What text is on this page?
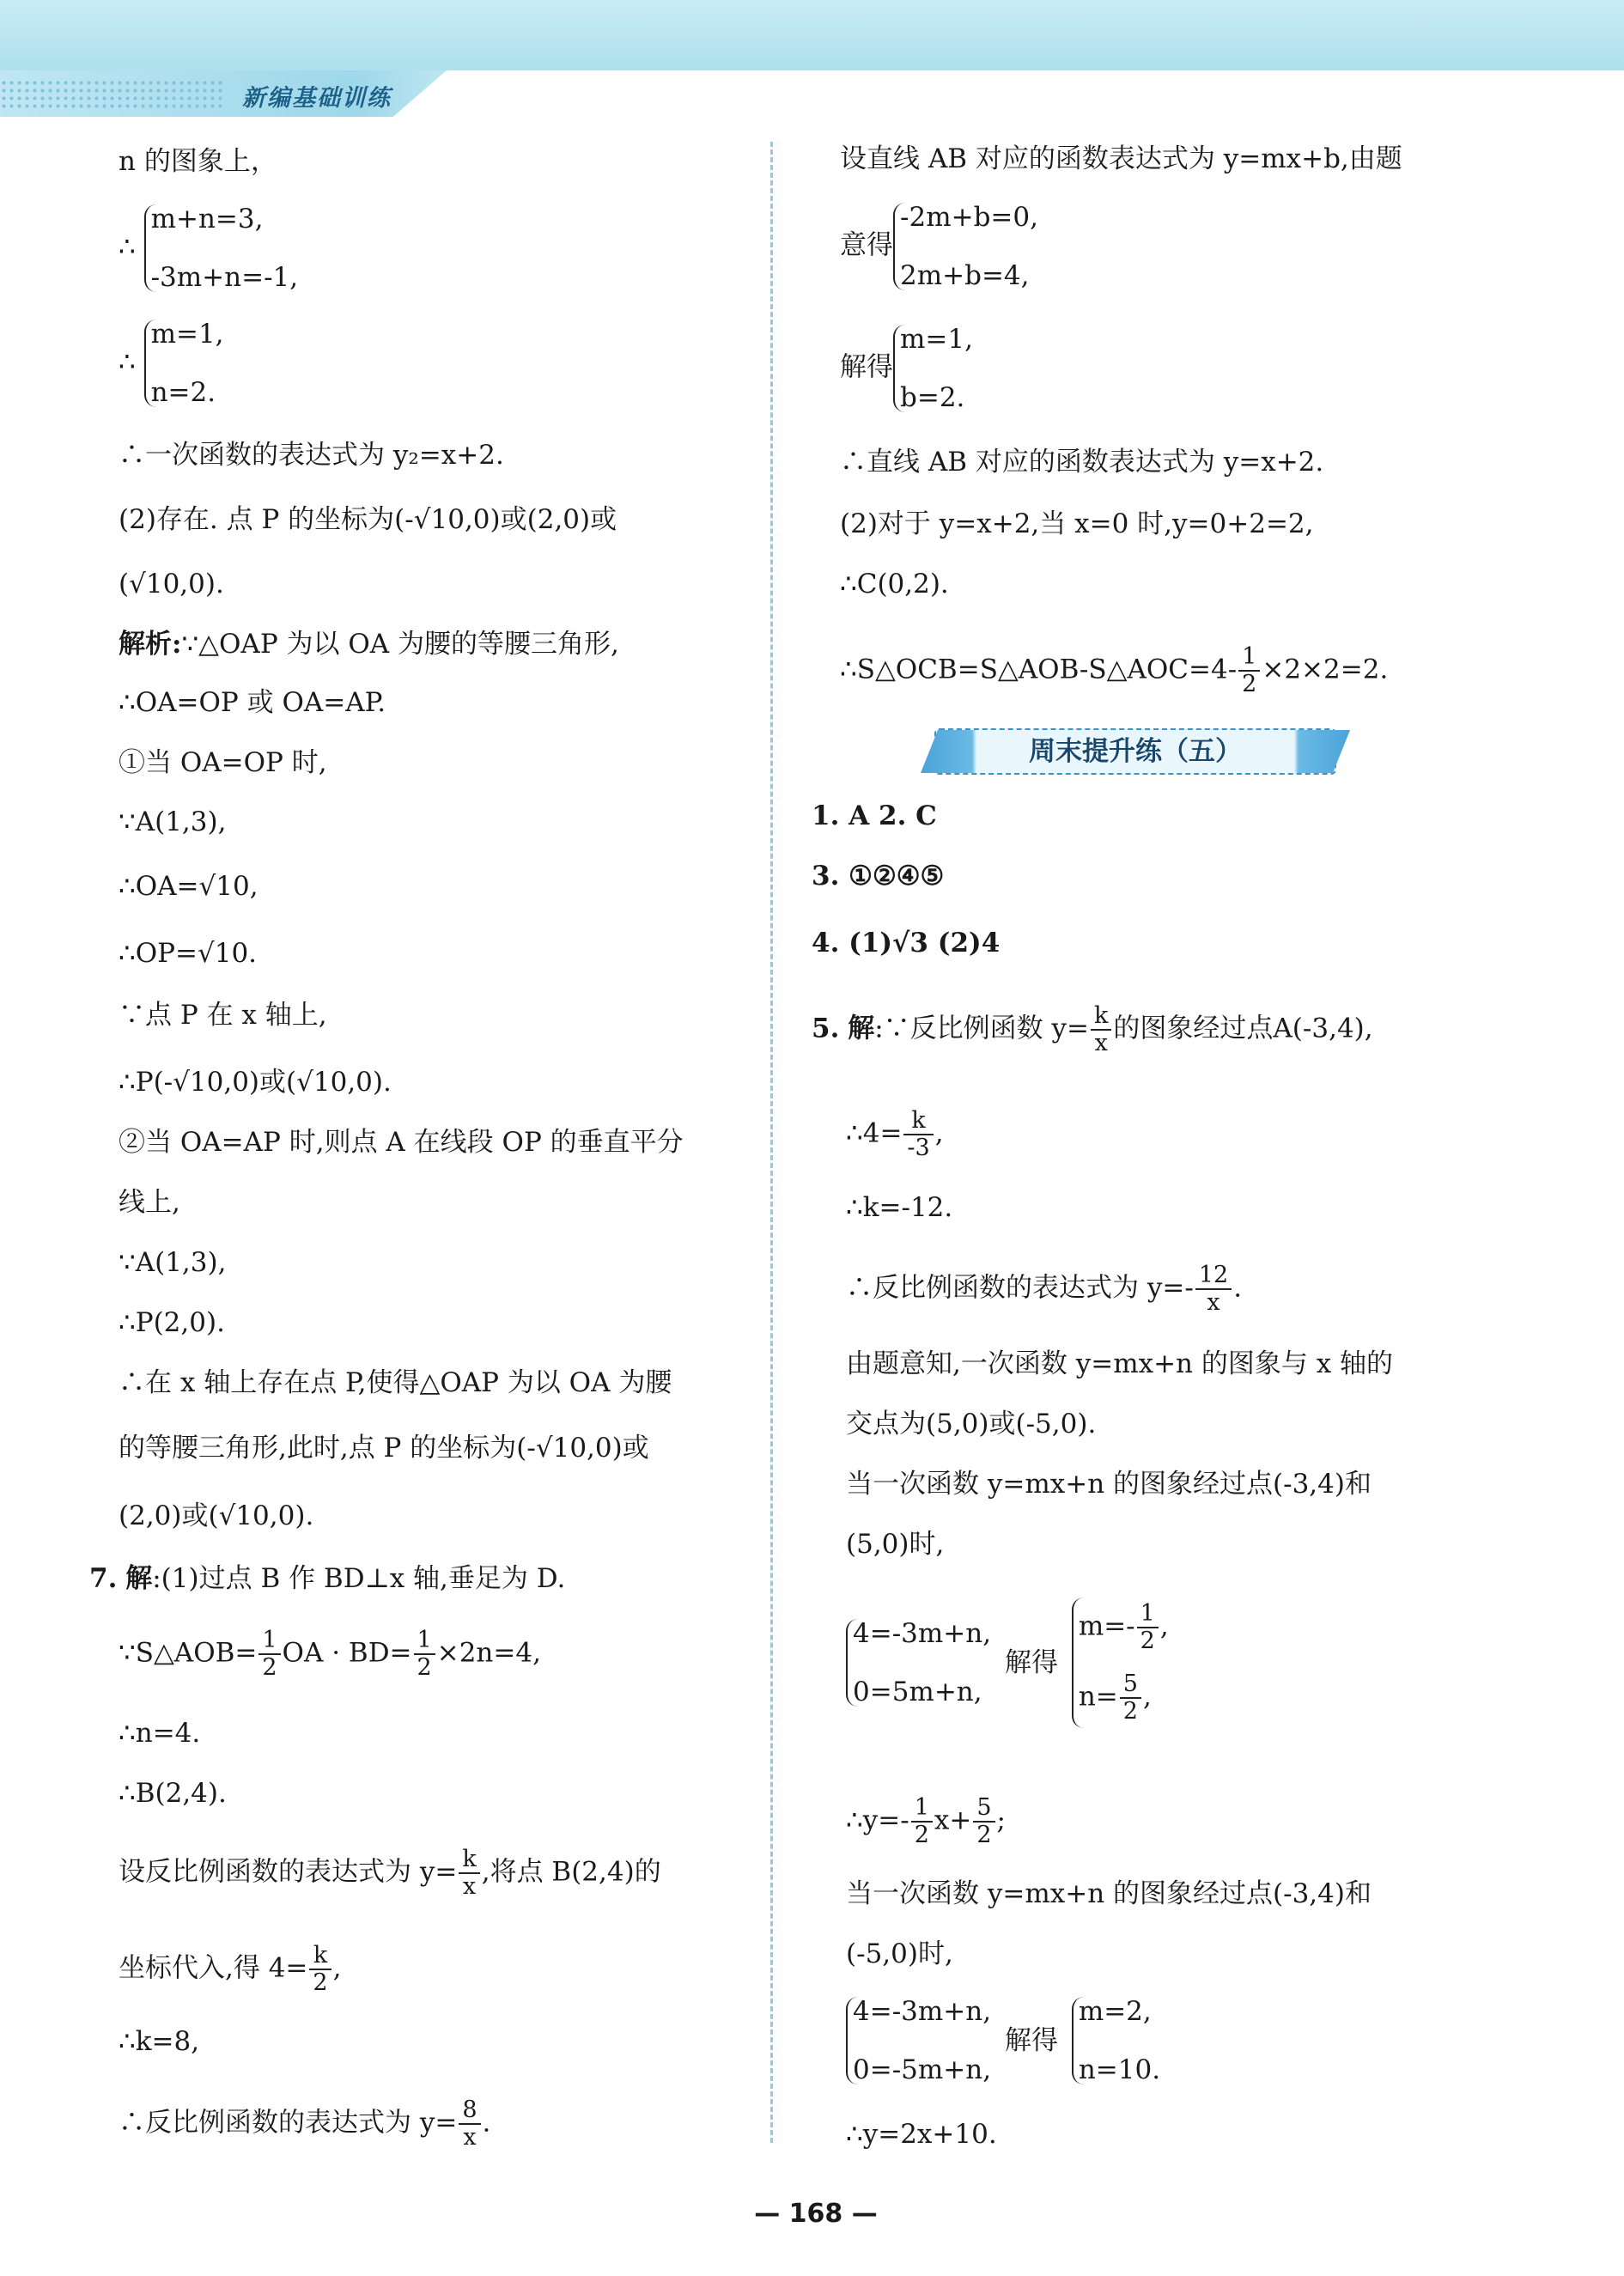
新编基础训练
n 的图象上，
∴
m+n=3,
-3m+n=-1,
∴
m=1,
n=2.
∴一次函数的表达式为 y₂=x+2.
(2)存在. 点 P 的坐标为(-√10,0)或(2,0)或
(√10,0).
解析:∵△OAP 为以 OA 为腰的等腰三角形,
∴OA=OP 或 OA=AP.
①当 OA=OP 时,
∵A(1,3),
∴OA=√10,
∴OP=√10.
∵点 P 在 x 轴上,
∴P(-√10,0)或(√10,0).
②当 OA=AP 时,则点 A 在线段 OP 的垂直平分
线上,
∵A(1,3),
∴P(2,0).
∴在 x 轴上存在点 P,使得△OAP 为以 OA 为腰
的等腰三角形,此时,点 P 的坐标为(-√10,0)或
(2,0)或(√10,0).
7. 解:(1)过点 B 作 BD⊥x 轴,垂足为 D.
∵S△AOB= $\frac{1}{2}$ OA · $BD= \frac{1}{2} \times 2n=4$,
∴n=4.
∴B(2,4).
设反比例函数的表达式为 $y= \frac{k}{x}$ ,将点 B(2,4)的
坐标代入,得 $4= \frac{k}{2}$ ,
∴k=8,
∴反比例函数的表达式为 $y= \frac{8}{x}$ .
设直线 AB 对应的函数表达式为 y=mx+b,由题
意得
-2m+b=0,
2m+b=4,
解得
m=1,
b=2.
∴直线 AB 对应的函数表达式为 y=x+2.
(2)对于 y=x+2,当 x=0 时,y=0+2=2,
∴C(0,2).
∴S△OCB=S△AOB-S△AOC=4- $\frac{1}{2} \times 2\times 2=2$.
周末提升练（五）
1. A 2. C
3. ①②④⑤
4. (1)√3 (2)4
5. 解:∵反比例函数 $y= \frac{k}{x}$ 的图象经过点A(-3,4),
∴4= $\frac{k}{-3}$ ,
∴k=-12.
∴反比例函数的表达式为 $y=- \frac{12}{x}$ .
由题意知,一次函数 y=mx+n 的图象与 x 轴的
交点为(5,0)或(-5,0).
当一次函数 y=mx+n 的图象经过点(-3,4)和
(5,0)时,
4=-3m+n,
0=5m+n,
解得
$m=- \frac{1}{2}$ ,
$n= \frac{5}{2}$ ,
∴y=- $\frac{1}{2} x+ \frac{5}{2}$ ;
当一次函数 y=mx+n 的图象经过点(-3,4)和
(-5,0)时,
4=-3m+n,
0=-5m+n,
解得
m=2,
n=10.
∴y=2x+10.
— 168 —
